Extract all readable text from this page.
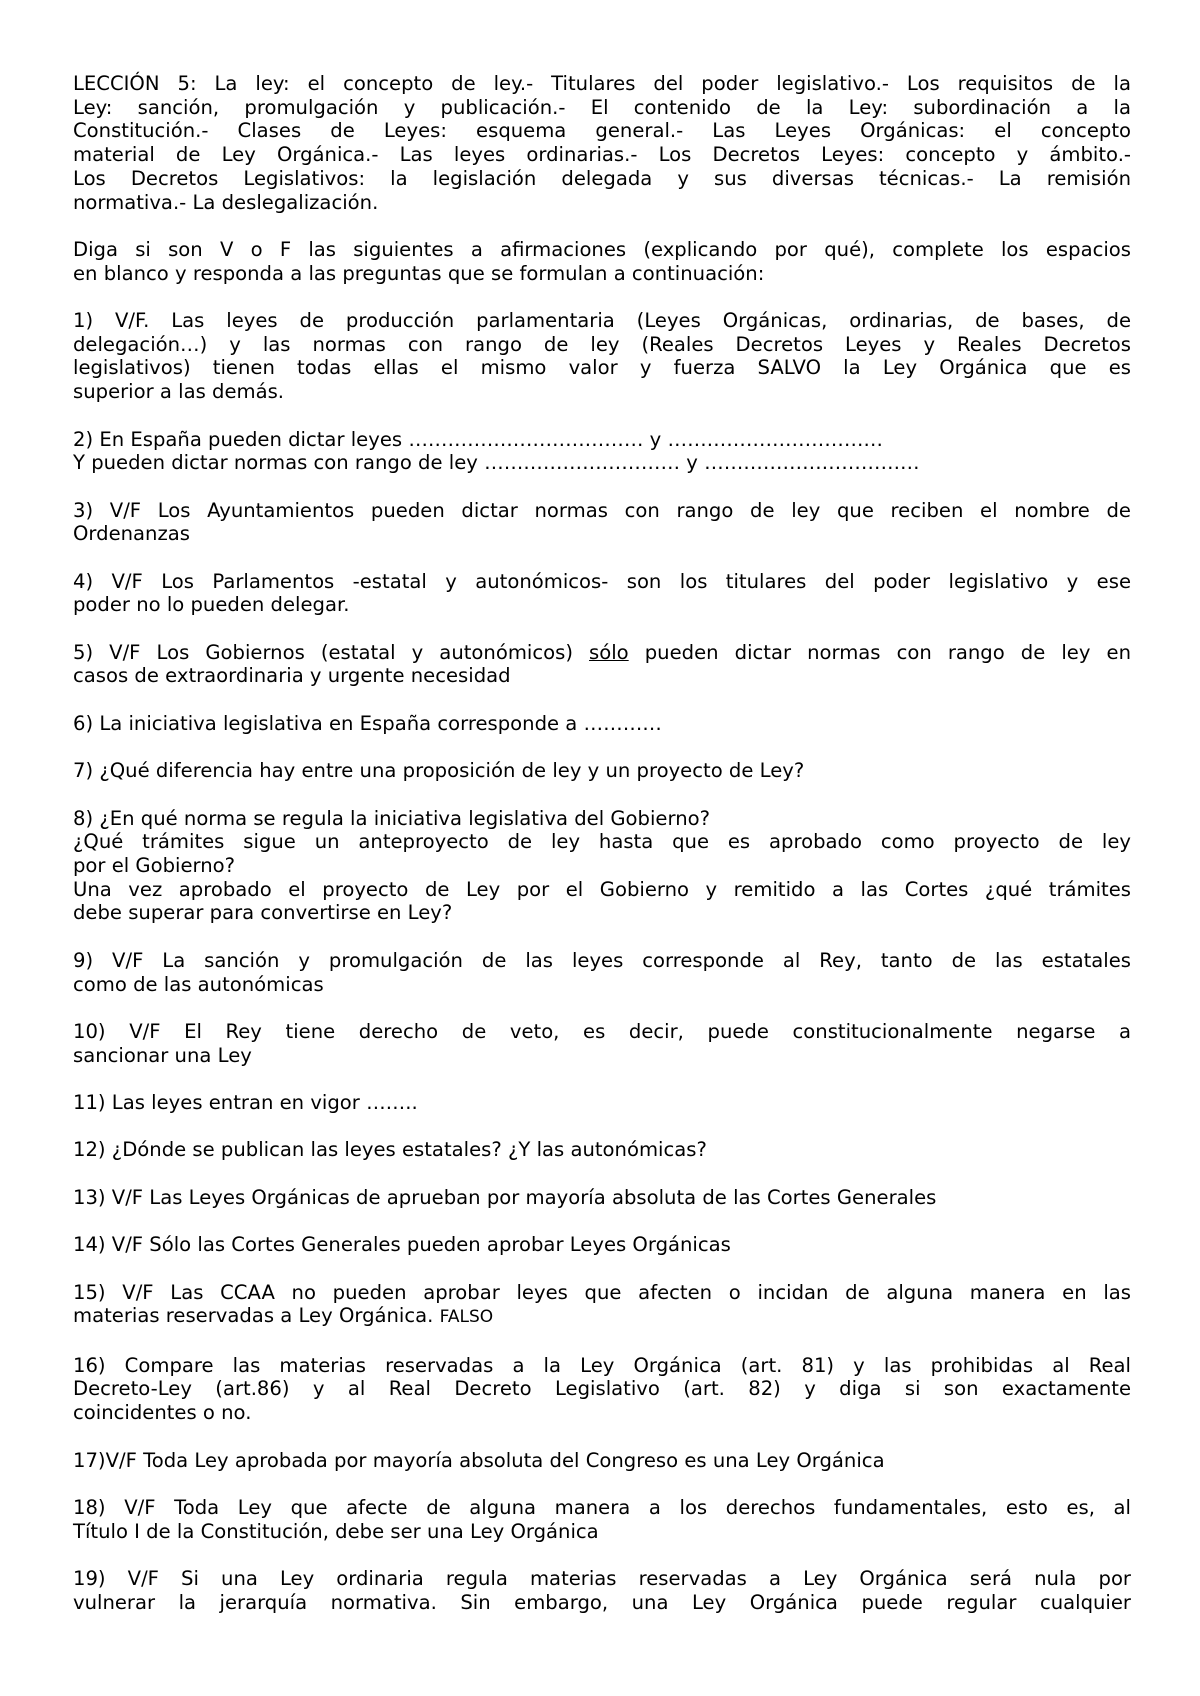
LECCIÓN 5: La ley: el concepto de ley.- Titulares del poder legislativo.- Los requisitos de la
Ley: sanción, promulgación y publicación.- El contenido de la Ley: subordinación a la
Constitución.- Clases de Leyes: esquema general.- Las Leyes Orgánicas: el concepto
material de Ley Orgánica.- Las leyes ordinarias.- Los Decretos Leyes: concepto y ámbito.-
Los Decretos Legislativos: la legislación delegada y sus diversas técnicas.- La remisión
normativa.- La deslegalización.
Diga si son V o F las siguientes a afirmaciones (explicando por qué), complete los espacios
en blanco y responda a las preguntas que se formulan a continuación:
1) V/F. Las leyes de producción parlamentaria (Leyes Orgánicas, ordinarias, de bases, de
delegación…) y las normas con rango de ley (Reales Decretos Leyes y Reales Decretos
legislativos) tienen todas ellas el mismo valor y fuerza SALVO la Ley Orgánica que es
superior a las demás.
2) En España pueden dictar leyes ……………………………… y ……………………………
Y pueden dictar normas con rango de ley ………………………… y ……………………………
3) V/F Los Ayuntamientos pueden dictar normas con rango de ley que reciben el nombre de
Ordenanzas
4) V/F Los Parlamentos -estatal y autonómicos- son los titulares del poder legislativo y ese
poder no lo pueden delegar.
5) V/F Los Gobiernos (estatal y autonómicos) sólo pueden dictar normas con rango de ley en
casos de extraordinaria y urgente necesidad
6) La iniciativa legislativa en España corresponde a …………
7) ¿Qué diferencia hay entre una proposición de ley y un proyecto de Ley?
8) ¿En qué norma se regula la iniciativa legislativa del Gobierno?
¿Qué trámites sigue un anteproyecto de ley hasta que es aprobado como proyecto de ley
por el Gobierno?
Una vez aprobado el proyecto de Ley por el Gobierno y remitido a las Cortes ¿qué trámites
debe superar para convertirse en Ley?
9) V/F La sanción y promulgación de las leyes corresponde al Rey, tanto de las estatales
como de las autonómicas
10) V/F El Rey tiene derecho de veto, es decir, puede constitucionalmente negarse a
sancionar una Ley
11) Las leyes entran en vigor ……..
12) ¿Dónde se publican las leyes estatales? ¿Y las autonómicas?
13) V/F Las Leyes Orgánicas de aprueban por mayoría absoluta de las Cortes Generales
14) V/F Sólo las Cortes Generales pueden aprobar Leyes Orgánicas
15) V/F Las CCAA no pueden aprobar leyes que afecten o incidan de alguna manera en las
materias reservadas a Ley Orgánica. FALSO
16) Compare las materias reservadas a la Ley Orgánica (art. 81) y las prohibidas al Real
Decreto-Ley (art.86) y al Real Decreto Legislativo (art. 82) y diga si son exactamente
coincidentes o no.
17)V/F Toda Ley aprobada por mayoría absoluta del Congreso es una Ley Orgánica
18) V/F Toda Ley que afecte de alguna manera a los derechos fundamentales, esto es, al
Título I de la Constitución, debe ser una Ley Orgánica
19) V/F Si una Ley ordinaria regula materias reservadas a Ley Orgánica será nula por
vulnerar la jerarquía normativa. Sin embargo, una Ley Orgánica puede regular cualquier
